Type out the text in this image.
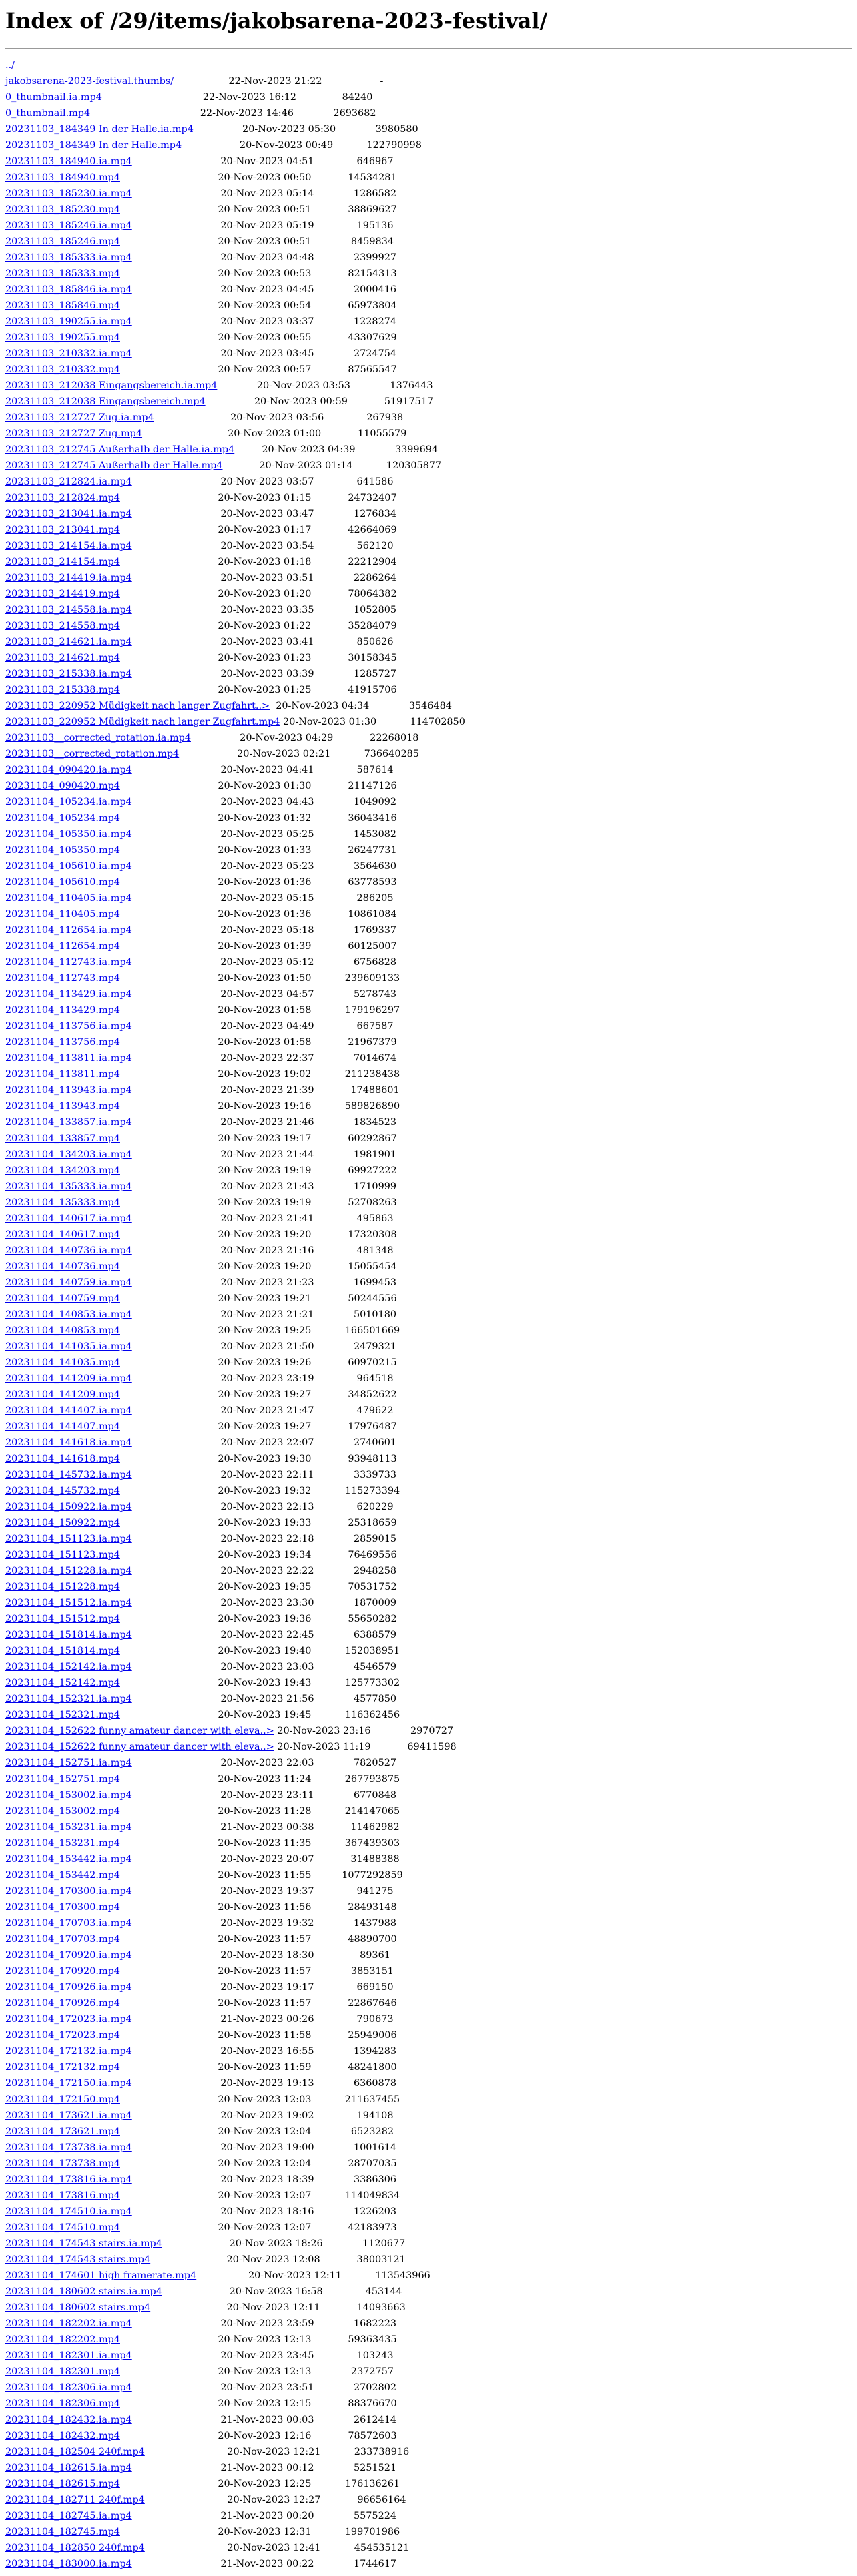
Index of /29/items/jakobsarena-2023-festival/
../
jakobsarena-2023-festival.thumbs/	22-Nov-2023 21:22	-
0_thumbnail.ia.mp4	22-Nov-2023 16:12	84240
0_thumbnail.mp4	22-Nov-2023 14:46	2693682
20231103_184349 In der Halle.ia.mp4	20-Nov-2023 05:30	3980580
20231103_184349 In der Halle.mp4	20-Nov-2023 00:49	122790998
20231103_184940.ia.mp4	20-Nov-2023 04:51	646967
20231103_184940.mp4	20-Nov-2023 00:50	14534281
20231103_185230.ia.mp4	20-Nov-2023 05:14	1286582
20231103_185230.mp4	20-Nov-2023 00:51	38869627
20231103_185246.ia.mp4	20-Nov-2023 05:19	195136
20231103_185246.mp4	20-Nov-2023 00:51	8459834
20231103_185333.ia.mp4	20-Nov-2023 04:48	2399927
20231103_185333.mp4	20-Nov-2023 00:53	82154313
20231103_185846.ia.mp4	20-Nov-2023 04:45	2000416
20231103_185846.mp4	20-Nov-2023 00:54	65973804
20231103_190255.ia.mp4	20-Nov-2023 03:37	1228274
20231103_190255.mp4	20-Nov-2023 00:55	43307629
20231103_210332.ia.mp4	20-Nov-2023 03:45	2724754
20231103_210332.mp4	20-Nov-2023 00:57	87565547
20231103_212038 Eingangsbereich.ia.mp4	20-Nov-2023 03:53	1376443
20231103_212038 Eingangsbereich.mp4	20-Nov-2023 00:59	51917517
20231103_212727 Zug.ia.mp4	20-Nov-2023 03:56	267938
20231103_212727 Zug.mp4	20-Nov-2023 01:00	11055579
20231103_212745 Außerhalb der Halle.ia.mp4	20-Nov-2023 04:39	3399694
20231103_212745 Außerhalb der Halle.mp4	20-Nov-2023 01:14	120305877
20231103_212824.ia.mp4	20-Nov-2023 03:57	641586
20231103_212824.mp4	20-Nov-2023 01:15	24732407
20231103_213041.ia.mp4	20-Nov-2023 03:47	1276834
20231103_213041.mp4	20-Nov-2023 01:17	42664069
20231103_214154.ia.mp4	20-Nov-2023 03:54	562120
20231103_214154.mp4	20-Nov-2023 01:18	22212904
20231103_214419.ia.mp4	20-Nov-2023 03:51	2286264
20231103_214419.mp4	20-Nov-2023 01:20	78064382
20231103_214558.ia.mp4	20-Nov-2023 03:35	1052805
20231103_214558.mp4	20-Nov-2023 01:22	35284079
20231103_214621.ia.mp4	20-Nov-2023 03:41	850626
20231103_214621.mp4	20-Nov-2023 01:23	30158345
20231103_215338.ia.mp4	20-Nov-2023 03:39	1285727
20231103_215338.mp4	20-Nov-2023 01:25	41915706
20231103_220952 Müdigkeit nach langer Zugfahrt..> 20-Nov-2023 04:34	3546484
20231103_220952 Müdigkeit nach langer Zugfahrt.mp4 20-Nov-2023 01:30	114702850
20231103__corrected_rotation.ia.mp4	20-Nov-2023 04:29	22268018
20231103__corrected_rotation.mp4	20-Nov-2023 02:21	736640285
20231104_090420.ia.mp4	20-Nov-2023 04:41	587614
20231104_090420.mp4	20-Nov-2023 01:30	21147126
20231104_105234.ia.mp4	20-Nov-2023 04:43	1049092
20231104_105234.mp4	20-Nov-2023 01:32	36043416
20231104_105350.ia.mp4	20-Nov-2023 05:25	1453082
20231104_105350.mp4	20-Nov-2023 01:33	26247731
20231104_105610.ia.mp4	20-Nov-2023 05:23	3564630
20231104_105610.mp4	20-Nov-2023 01:36	63778593
20231104_110405.ia.mp4	20-Nov-2023 05:15	286205
20231104_110405.mp4	20-Nov-2023 01:36	10861084
20231104_112654.ia.mp4	20-Nov-2023 05:18	1769337
20231104_112654.mp4	20-Nov-2023 01:39	60125007
20231104_112743.ia.mp4	20-Nov-2023 05:12	6756828
20231104_112743.mp4	20-Nov-2023 01:50	239609133
20231104_113429.ia.mp4	20-Nov-2023 04:57	5278743
20231104_113429.mp4	20-Nov-2023 01:58	179196297
20231104_113756.ia.mp4	20-Nov-2023 04:49	667587
20231104_113756.mp4	20-Nov-2023 01:58	21967379
20231104_113811.ia.mp4	20-Nov-2023 22:37	7014674
20231104_113811.mp4	20-Nov-2023 19:02	211238438
20231104_113943.ia.mp4	20-Nov-2023 21:39	17488601
20231104_113943.mp4	20-Nov-2023 19:16	589826890
20231104_133857.ia.mp4	20-Nov-2023 21:46	1834523
20231104_133857.mp4	20-Nov-2023 19:17	60292867
20231104_134203.ia.mp4	20-Nov-2023 21:44	1981901
20231104_134203.mp4	20-Nov-2023 19:19	69927222
20231104_135333.ia.mp4	20-Nov-2023 21:43	1710999
20231104_135333.mp4	20-Nov-2023 19:19	52708263
20231104_140617.ia.mp4	20-Nov-2023 21:41	495863
20231104_140617.mp4	20-Nov-2023 19:20	17320308
20231104_140736.ia.mp4	20-Nov-2023 21:16	481348
20231104_140736.mp4	20-Nov-2023 19:20	15055454
20231104_140759.ia.mp4	20-Nov-2023 21:23	1699453
20231104_140759.mp4	20-Nov-2023 19:21	50244556
20231104_140853.ia.mp4	20-Nov-2023 21:21	5010180
20231104_140853.mp4	20-Nov-2023 19:25	166501669
20231104_141035.ia.mp4	20-Nov-2023 21:50	2479321
20231104_141035.mp4	20-Nov-2023 19:26	60970215
20231104_141209.ia.mp4	20-Nov-2023 23:19	964518
20231104_141209.mp4	20-Nov-2023 19:27	34852622
20231104_141407.ia.mp4	20-Nov-2023 21:47	479622
20231104_141407.mp4	20-Nov-2023 19:27	17976487
20231104_141618.ia.mp4	20-Nov-2023 22:07	2740601
20231104_141618.mp4	20-Nov-2023 19:30	93948113
20231104_145732.ia.mp4	20-Nov-2023 22:11	3339733
20231104_145732.mp4	20-Nov-2023 19:32	115273394
20231104_150922.ia.mp4	20-Nov-2023 22:13	620229
20231104_150922.mp4	20-Nov-2023 19:33	25318659
20231104_151123.ia.mp4	20-Nov-2023 22:18	2859015
20231104_151123.mp4	20-Nov-2023 19:34	76469556
20231104_151228.ia.mp4	20-Nov-2023 22:22	2948258
20231104_151228.mp4	20-Nov-2023 19:35	70531752
20231104_151512.ia.mp4	20-Nov-2023 23:30	1870009
20231104_151512.mp4	20-Nov-2023 19:36	55650282
20231104_151814.ia.mp4	20-Nov-2023 22:45	6388579
20231104_151814.mp4	20-Nov-2023 19:40	152038951
20231104_152142.ia.mp4	20-Nov-2023 23:03	4546579
20231104_152142.mp4	20-Nov-2023 19:43	125773302
20231104_152321.ia.mp4	20-Nov-2023 21:56	4577850
20231104_152321.mp4	20-Nov-2023 19:45	116362456
20231104_152622 funny amateur dancer with eleva..> 20-Nov-2023 23:16	2970727
20231104_152622 funny amateur dancer with eleva..> 20-Nov-2023 11:19	69411598
20231104_152751.ia.mp4	20-Nov-2023 22:03	7820527
20231104_152751.mp4	20-Nov-2023 11:24	267793875
20231104_153002.ia.mp4	20-Nov-2023 23:11	6770848
20231104_153002.mp4	20-Nov-2023 11:28	214147065
20231104_153231.ia.mp4	21-Nov-2023 00:38	11462982
20231104_153231.mp4	20-Nov-2023 11:35	367439303
20231104_153442.ia.mp4	20-Nov-2023 20:07	31488388
20231104_153442.mp4	20-Nov-2023 11:55	1077292859
20231104_170300.ia.mp4	20-Nov-2023 19:37	941275
20231104_170300.mp4	20-Nov-2023 11:56	28493148
20231104_170703.ia.mp4	20-Nov-2023 19:32	1437988
20231104_170703.mp4	20-Nov-2023 11:57	48890700
20231104_170920.ia.mp4	20-Nov-2023 18:30	89361
20231104_170920.mp4	20-Nov-2023 11:57	3853151
20231104_170926.ia.mp4	20-Nov-2023 19:17	669150
20231104_170926.mp4	20-Nov-2023 11:57	22867646
20231104_172023.ia.mp4	21-Nov-2023 00:26	790673
20231104_172023.mp4	20-Nov-2023 11:58	25949006
20231104_172132.ia.mp4	20-Nov-2023 16:55	1394283
20231104_172132.mp4	20-Nov-2023 11:59	48241800
20231104_172150.ia.mp4	20-Nov-2023 19:13	6360878
20231104_172150.mp4	20-Nov-2023 12:03	211637455
20231104_173621.ia.mp4	20-Nov-2023 19:02	194108
20231104_173621.mp4	20-Nov-2023 12:04	6523282
20231104_173738.ia.mp4	20-Nov-2023 19:00	1001614
20231104_173738.mp4	20-Nov-2023 12:04	28707035
20231104_173816.ia.mp4	20-Nov-2023 18:39	3386306
20231104_173816.mp4	20-Nov-2023 12:07	114049834
20231104_174510.ia.mp4	20-Nov-2023 18:16	1226203
20231104_174510.mp4	20-Nov-2023 12:07	42183973
20231104_174543 stairs.ia.mp4	20-Nov-2023 18:26	1120677
20231104_174543 stairs.mp4	20-Nov-2023 12:08	38003121
20231104_174601 high framerate.mp4	20-Nov-2023 12:11	113543966
20231104_180602 stairs.ia.mp4	20-Nov-2023 16:58	453144
20231104_180602 stairs.mp4	20-Nov-2023 12:11	14093663
20231104_182202.ia.mp4	20-Nov-2023 23:59	1682223
20231104_182202.mp4	20-Nov-2023 12:13	59363435
20231104_182301.ia.mp4	20-Nov-2023 23:45	103243
20231104_182301.mp4	20-Nov-2023 12:13	2372757
20231104_182306.ia.mp4	20-Nov-2023 23:51	2702802
20231104_182306.mp4	20-Nov-2023 12:15	88376670
20231104_182432.ia.mp4	21-Nov-2023 00:03	2612414
20231104_182432.mp4	20-Nov-2023 12:16	78572603
20231104_182504 240f.mp4	20-Nov-2023 12:21	233738916
20231104_182615.ia.mp4	21-Nov-2023 00:12	5251521
20231104_182615.mp4	20-Nov-2023 12:25	176136261
20231104_182711 240f.mp4	20-Nov-2023 12:27	96656164
20231104_182745.ia.mp4	21-Nov-2023 00:20	5575224
20231104_182745.mp4	20-Nov-2023 12:31	199701986
20231104_182850 240f.mp4	20-Nov-2023 12:41	454535121
20231104_183000.ia.mp4	21-Nov-2023 00:22	1744617
